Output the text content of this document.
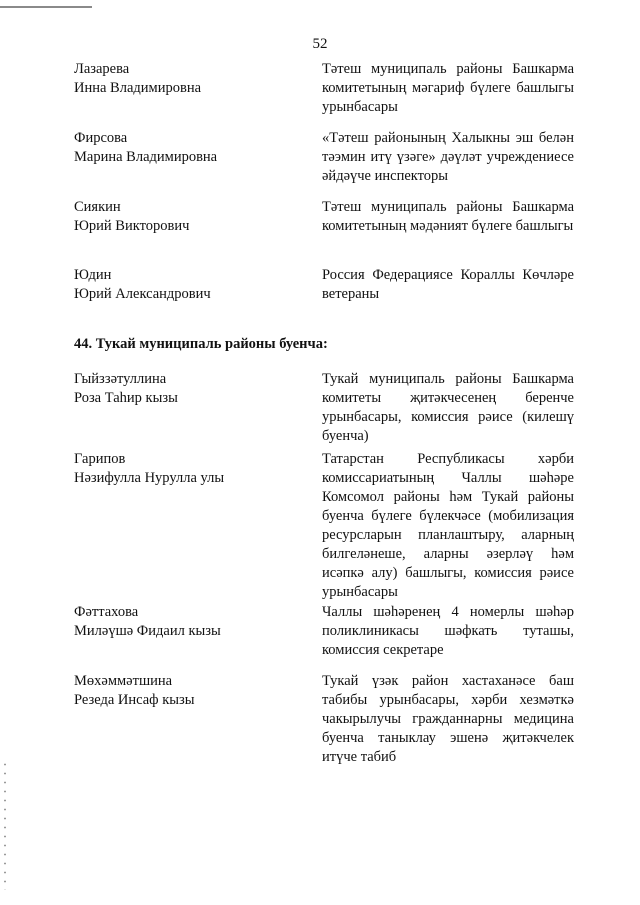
52
Лазарева
Инна Владимировна
Тәтеш муниципаль районы Башкарма комитетының мәгариф бүлеге башлыгы урынбасары
Фирсова
Марина Владимировна
«Тәтеш районының Халыкны эш белән тәэмин итү үзәге» дәүләт учреждениесе әйдәүче инспекторы
Сиякин
Юрий Викторович
Тәтеш муниципаль районы Башкарма комитетының мәдәният бүлеге башлыгы
Юдин
Юрий Александрович
Россия Федерациясе Кораллы Көчләре ветераны
44. Тукай муниципаль районы буенча:
Гыйззәтуллина
Роза Таһир кызы
Тукай муниципаль районы Башкарма комитеты җитәкчесенең беренче урынбасары, комиссия рәисе (килешү буенча)
Гарипов
Нәзифулла Нурулла улы
Татарстан Республикасы хәрби комиссариатының Чаллы шәһәре Комсомол районы һәм Тукай районы буенча бүлеге бүлекчәсе (мобилизация ресурсларын планлаштыру, аларның билгеләнеше, аларны әзерләү һәм исәпкә алу) башлыгы, комиссия рәисе урынбасары
Фәттахова
Миләүшә Фидаил кызы
Чаллы шәһәренең 4 номерлы шәһәр поликлиникасы шәфкать туташы, комиссия секретаре
Мөхәммәтшина
Резеда Инсаф кызы
Тукай үзәк район хастаханәсе баш табибы урынбасары, хәрби хезмәткә чакырылучы гражданнарны медицина буенча таныклау эшенә җитәкчелек итүче табиб
